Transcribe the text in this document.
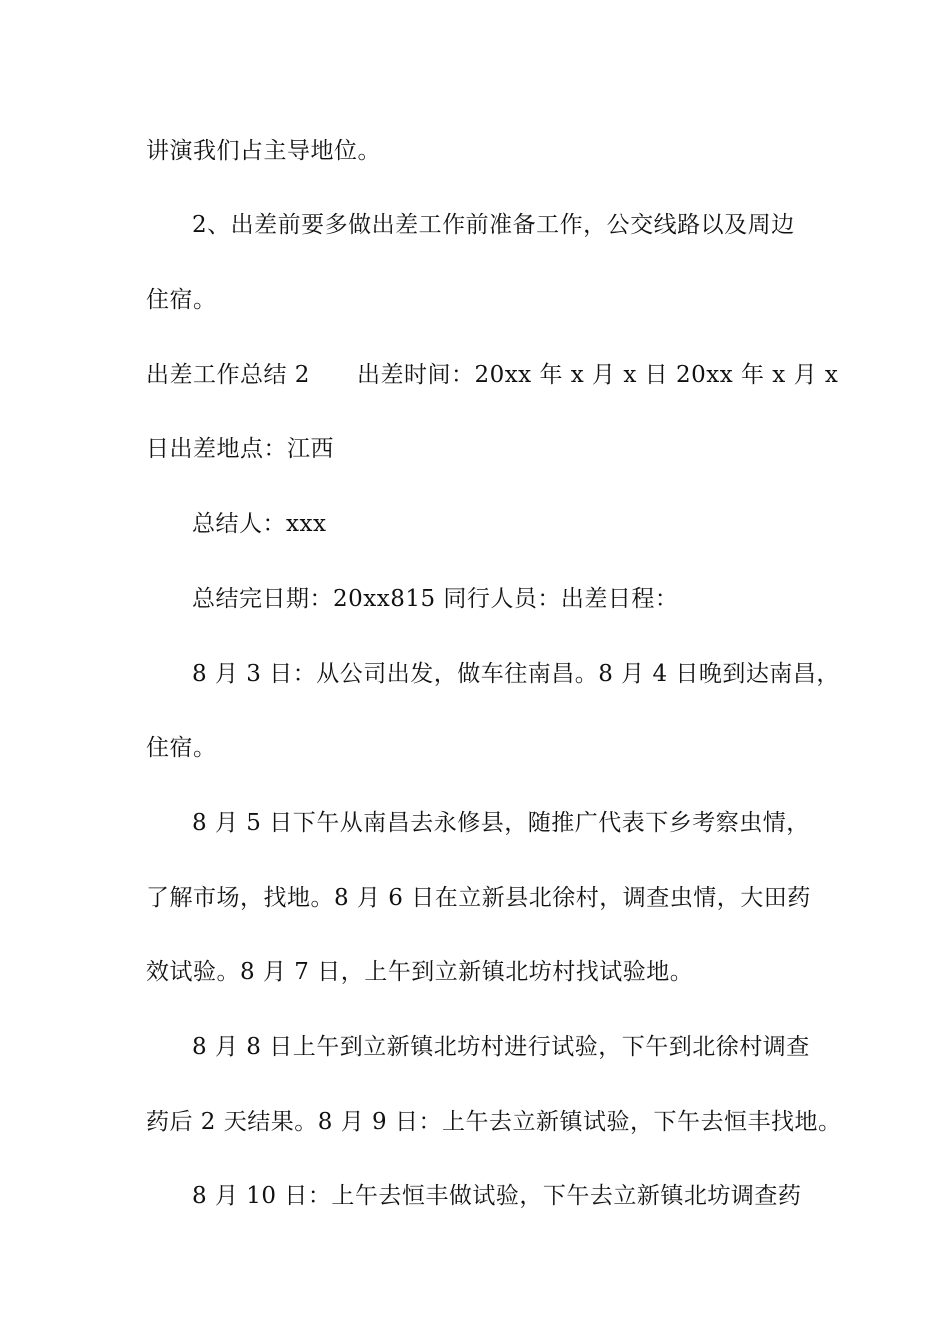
讲演我们占主导地位。
2、出差前要多做出差工作前准备工作，公交线路以及周边
住宿。
出差工作总结 2　　出差时间：20xx 年 x 月 x 日 20xx 年 x 月 x
日出差地点：江西
总结人：xxx
总结完日期：20xx815 同行人员：出差日程：
8 月 3 日：从公司出发，做车往南昌。8 月 4 日晚到达南昌，
住宿。
8 月 5 日下午从南昌去永修县，随推广代表下乡考察虫情，
了解市场，找地。8 月 6 日在立新县北徐村，调查虫情，大田药
效试验。8 月 7 日，上午到立新镇北坊村找试验地。
8 月 8 日上午到立新镇北坊村进行试验，下午到北徐村调查
药后 2 天结果。8 月 9 日：上午去立新镇试验，下午去恒丰找地。
8 月 10 日：上午去恒丰做试验，下午去立新镇北坊调查药
